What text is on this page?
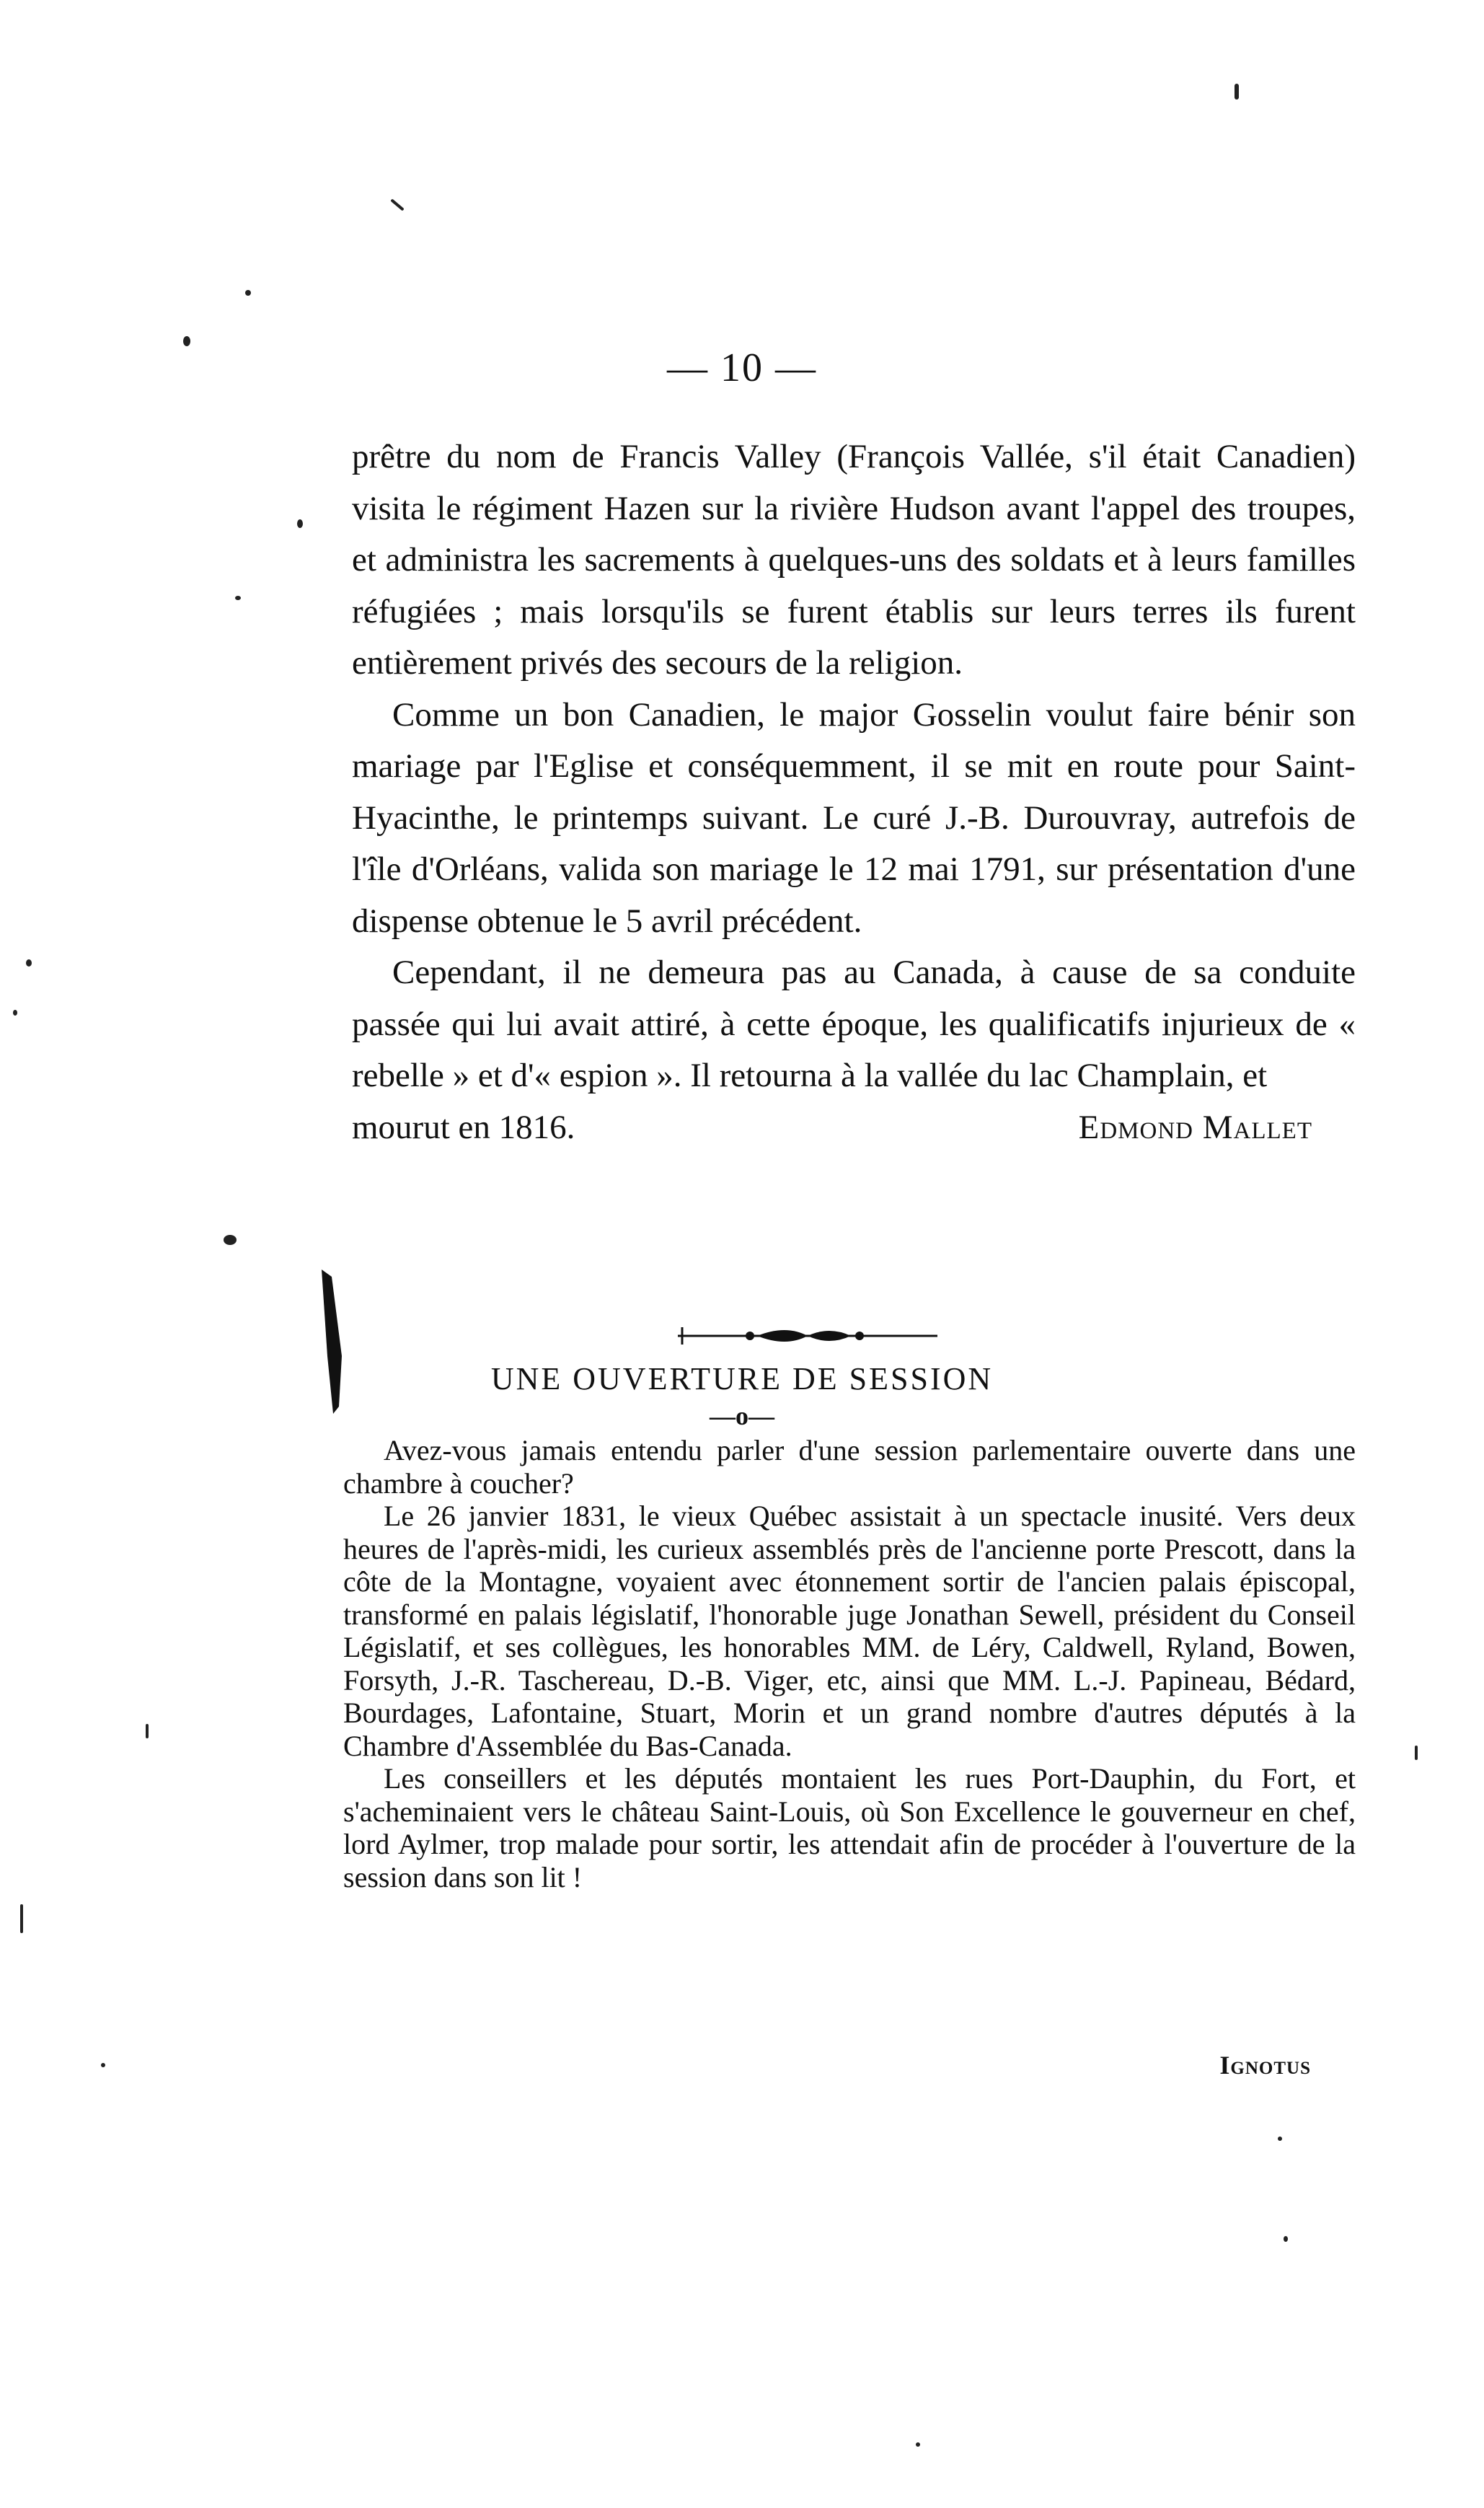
— 10 —

prêtre du nom de Francis Valley (François Vallée, s'il était Canadien) visita le régiment Hazen sur la rivière Hudson avant l'appel des troupes, et administra les sacrements à quelques-uns des soldats et à leurs familles réfugiées ; mais lorsqu'ils se furent établis sur leurs terres ils furent entièrement privés des secours de la religion.

Comme un bon Canadien, le major Gosselin voulut faire bénir son mariage par l'Eglise et conséquemment, il se mit en route pour Saint-Hyacinthe, le printemps suivant. Le curé J.-B. Durouvray, autrefois de l'île d'Orléans, valida son mariage le 12 mai 1791, sur présentation d'une dispense obtenue le 5 avril précédent.

Cependant, il ne demeura pas au Canada, à cause de sa conduite passée qui lui avait attiré, à cette époque, les qualificatifs injurieux de « rebelle » et d'« espion ». Il retourna à la vallée du lac Champlain, et

mourut en 1816.	Edmond Mallet
UNE OUVERTURE DE SESSION
—o—

Avez-vous jamais entendu parler d'une session parlementaire ouverte dans une chambre à coucher?

Le 26 janvier 1831, le vieux Québec assistait à un spectacle inusité. Vers deux heures de l'après-midi, les curieux assemblés près de l'ancienne porte Prescott, dans la côte de la Montagne, voyaient avec étonnement sortir de l'ancien palais épiscopal, transformé en palais législatif, l'honorable juge Jonathan Sewell, président du Conseil Législatif, et ses collègues, les honorables MM. de Léry, Caldwell, Ryland, Bowen, Forsyth, J.-R. Taschereau, D.-B. Viger, etc, ainsi que MM. L.-J. Papineau, Bédard, Bourdages, Lafontaine, Stuart, Morin et un grand nombre d'autres députés à la Chambre d'Assemblée du Bas-Canada.

Les conseillers et les députés montaient les rues Port-Dauphin, du Fort, et s'acheminaient vers le château Saint-Louis, où Son Excellence le gouverneur en chef, lord Aylmer, trop malade pour sortir, les attendait afin de procéder à l'ouverture de la session dans son lit !

Ignotus
